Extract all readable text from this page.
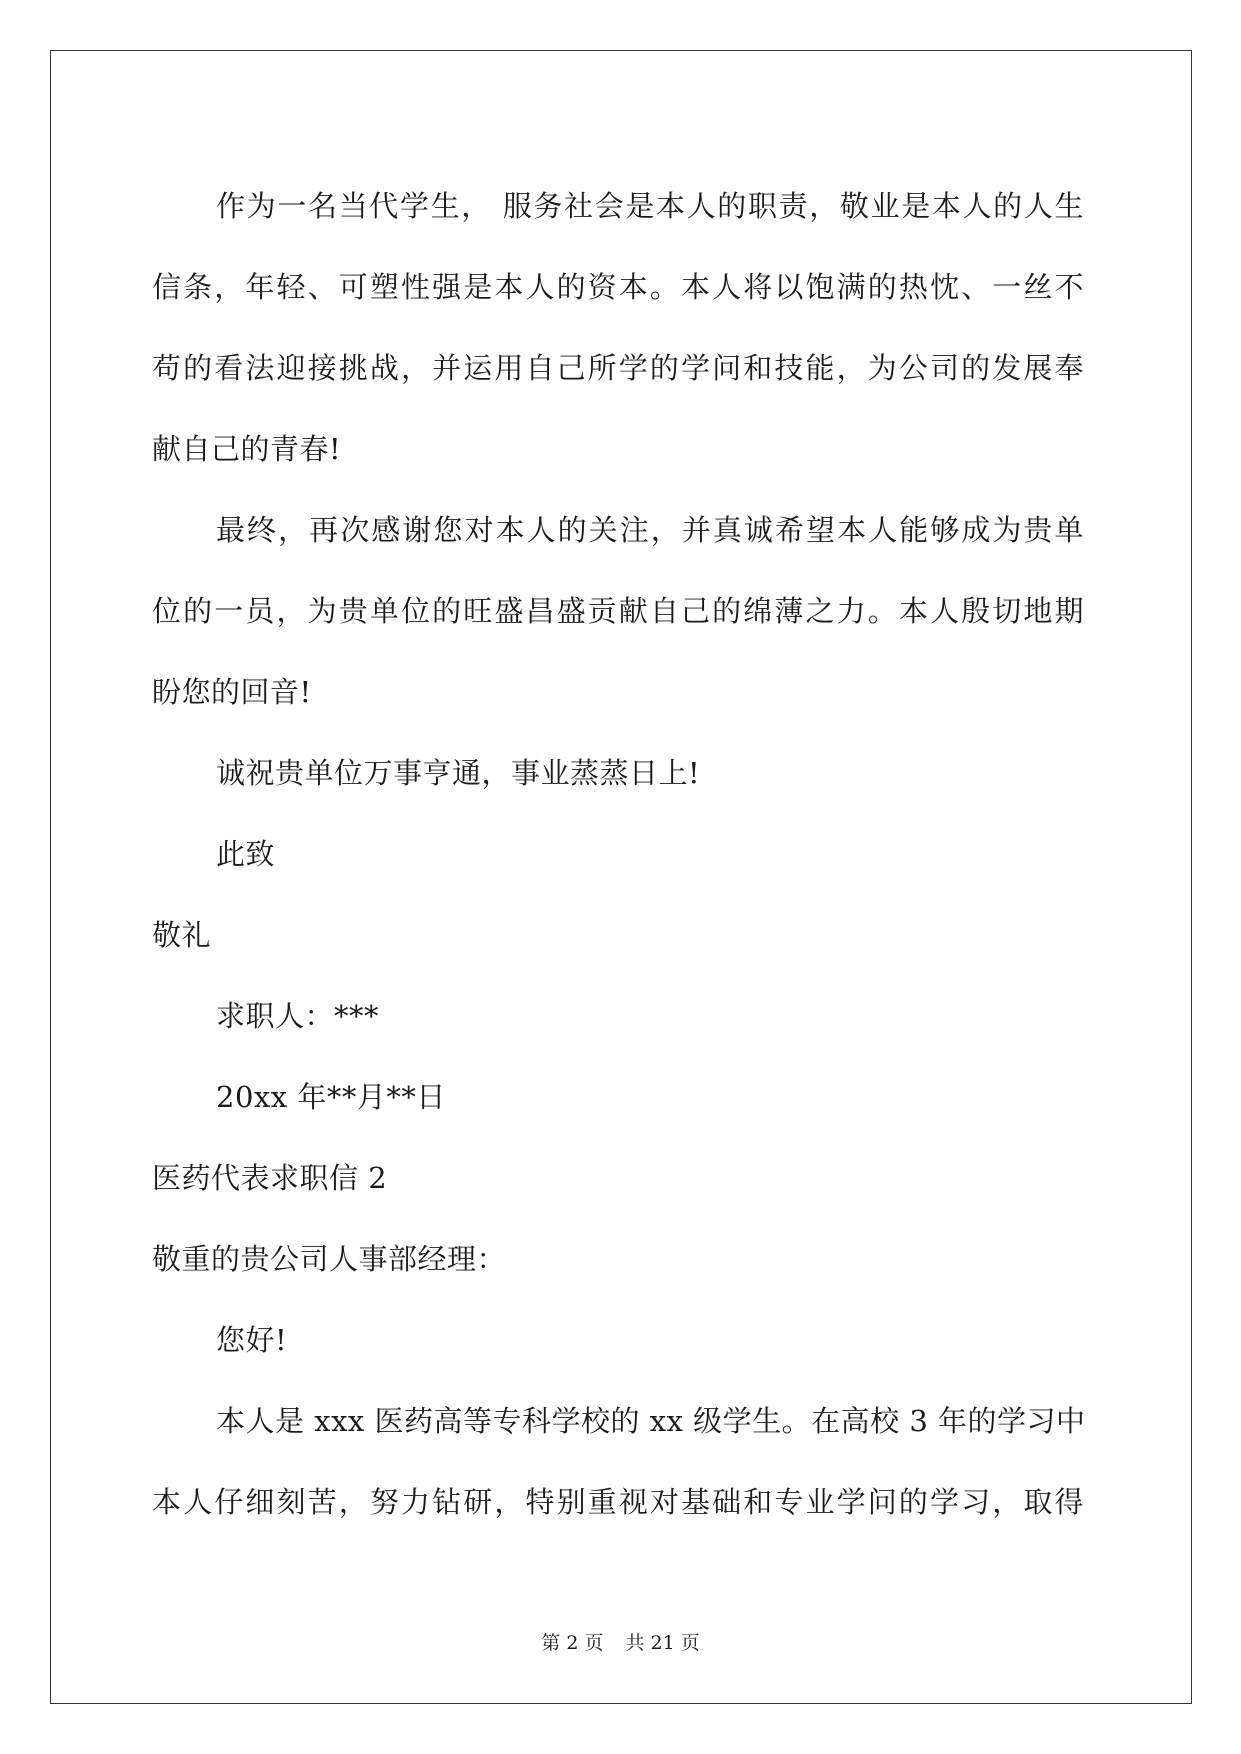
作为一名当代学生， 服务社会是本人的职责，敬业是本人的人生
信条，年轻、可塑性强是本人的资本。本人将以饱满的热忱、一丝不
苟的看法迎接挑战，并运用自己所学的学问和技能，为公司的发展奉
献自己的青春!
最终，再次感谢您对本人的关注，并真诚希望本人能够成为贵单
位的一员，为贵单位的旺盛昌盛贡献自己的绵薄之力。本人殷切地期
盼您的回音!
诚祝贵单位万事亨通，事业蒸蒸日上!
此致
敬礼
求职人：***
20xx 年**月**日
医药代表求职信 2
敬重的贵公司人事部经理：
您好!
本人是 xxx 医药高等专科学校的 xx 级学生。在高校 3 年的学习中
本人仔细刻苦，努力钻研，特别重视对基础和专业学问的学习，取得
第 2 页 共 21 页
